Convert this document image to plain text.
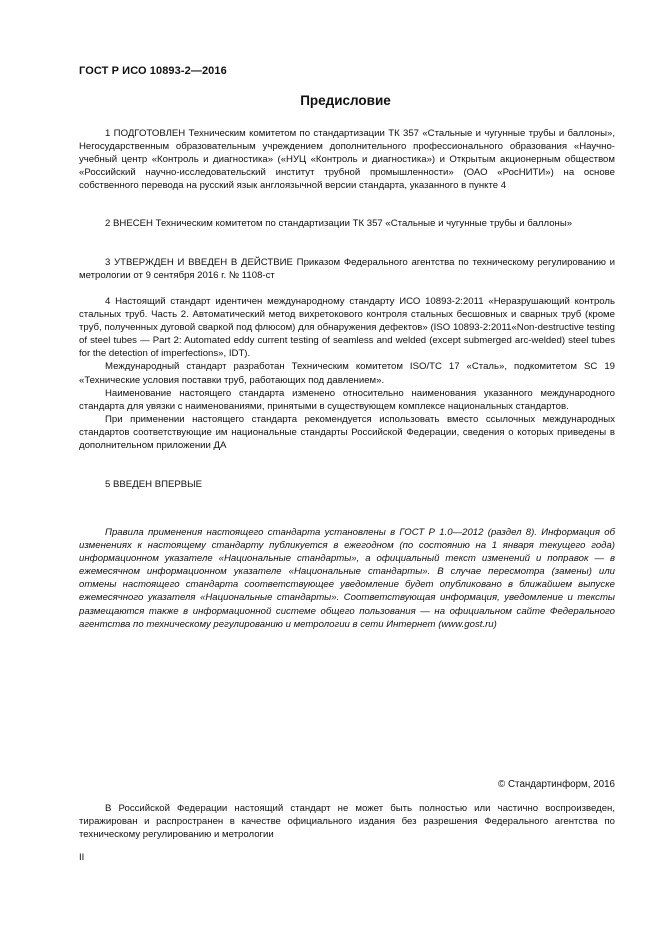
ГОСТ Р ИСО 10893-2—2016
Предисловие

1 ПОДГОТОВЛЕН Техническим комитетом по стандартизации ТК 357 «Стальные и чугунные трубы и баллоны», Негосударственным образовательным учреждением дополнительного профессионального образования «Научно-учебный центр «Контроль и диагностика» («НУЦ «Контроль и диагностика») и Открытым акционерным обществом «Российский научно-исследовательский институт трубной промышленности» (ОАО «РосНИТИ») на основе собственного перевода на русский язык англоязычной версии стандарта, указанного в пункте 4

2 ВНЕСЕН Техническим комитетом по стандартизации ТК 357 «Стальные и чугунные трубы и баллоны»

3 УТВЕРЖДЕН И ВВЕДЕН В ДЕЙСТВИЕ Приказом Федерального агентства по техническому регулированию и метрологии от 9 сентября 2016 г. № 1108-ст

4 Настоящий стандарт идентичен международному стандарту ИСО 10893-2:2011 «Неразрушающий контроль стальных труб. Часть 2. Автоматический метод вихретокового контроля стальных бесшовных и сварных труб (кроме труб, полученных дуговой сваркой под флюсом) для обнаружения дефектов» (ISO 10893-2:2011«Non-destructive testing of steel tubes — Part 2: Automated eddy current testing of seamless and welded (except submerged arc-welded) steel tubes for the detection of imperfections», IDT).

Международный стандарт разработан Техническим комитетом ISO/TC 17 «Сталь», подкомитетом SC 19 «Технические условия поставки труб, работающих под давлением».

Наименование настоящего стандарта изменено относительно наименования указанного международного стандарта для увязки с наименованиями, принятыми в существующем комплексе национальных стандартов.

При применении настоящего стандарта рекомендуется использовать вместо ссылочных международных стандартов соответствующие им национальные стандарты Российской Федерации, сведения о которых приведены в дополнительном приложении ДА

5 ВВЕДЕН ВПЕРВЫЕ

Правила применения настоящего стандарта установлены в ГОСТ Р 1.0—2012 (раздел 8). Информация об изменениях к настоящему стандарту публикуется в ежегодном (по состоянию на 1 января текущего года) информационном указателе «Национальные стандарты», а официальный текст изменений и поправок — в ежемесячном информационном указателе «Национальные стандарты». В случае пересмотра (замены) или отмены настоящего стандарта соответствующее уведомление будет опубликовано в ближайшем выпуске ежемесячного указателя «Национальные стандарты». Соответствующая информация, уведомление и тексты размещаются также в информационной системе общего пользования — на официальном сайте Федерального агентства по техническому регулированию и метрологии в сети Интернет (www.gost.ru)

© Стандартинформ, 2016

В Российской Федерации настоящий стандарт не может быть полностью или частично воспроизведен, тиражирован и распространен в качестве официального издания без разрешения Федерального агентства по техническому регулированию и метрологии

II
